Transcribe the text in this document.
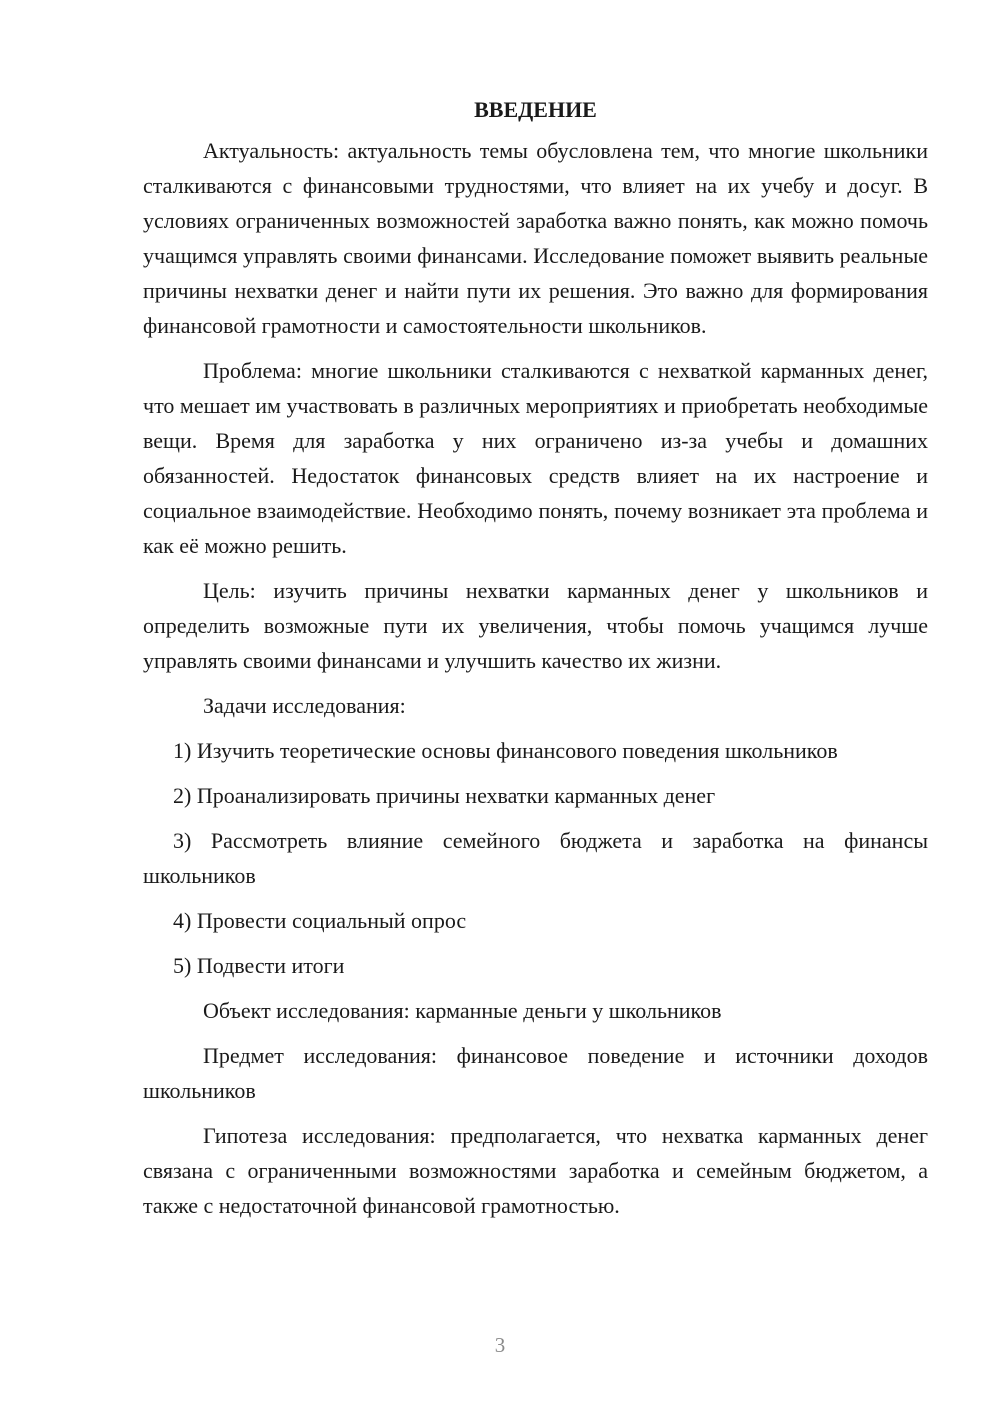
ВВЕДЕНИЕ

Актуальность: актуальность темы обусловлена тем, что многие школьники сталкиваются с финансовыми трудностями, что влияет на их учебу и досуг. В условиях ограниченных возможностей заработка важно понять, как можно помочь учащимся управлять своими финансами. Исследование поможет выявить реальные причины нехватки денег и найти пути их решения. Это важно для формирования финансовой грамотности и самостоятельности школьников.

Проблема: многие школьники сталкиваются с нехваткой карманных денег, что мешает им участвовать в различных мероприятиях и приобретать необходимые вещи. Время для заработка у них ограничено из-за учебы и домашних обязанностей. Недостаток финансовых средств влияет на их настроение и социальное взаимодействие. Необходимо понять, почему возникает эта проблема и как её можно решить.

Цель: изучить причины нехватки карманных денег у школьников и определить возможные пути их увеличения, чтобы помочь учащимся лучше управлять своими финансами и улучшить качество их жизни.

Задачи исследования:

1) Изучить теоретические основы финансового поведения школьников

2) Проанализировать причины нехватки карманных денег

3) Рассмотреть влияние семейного бюджета и заработка на финансы школьников

4) Провести социальный опрос

5) Подвести итоги

Объект исследования: карманные деньги у школьников

Предмет исследования: финансовое поведение и источники доходов школьников

Гипотеза исследования: предполагается, что нехватка карманных денег связана с ограниченными возможностями заработка и семейным бюджетом, а также с недостаточной финансовой грамотностью.

3
